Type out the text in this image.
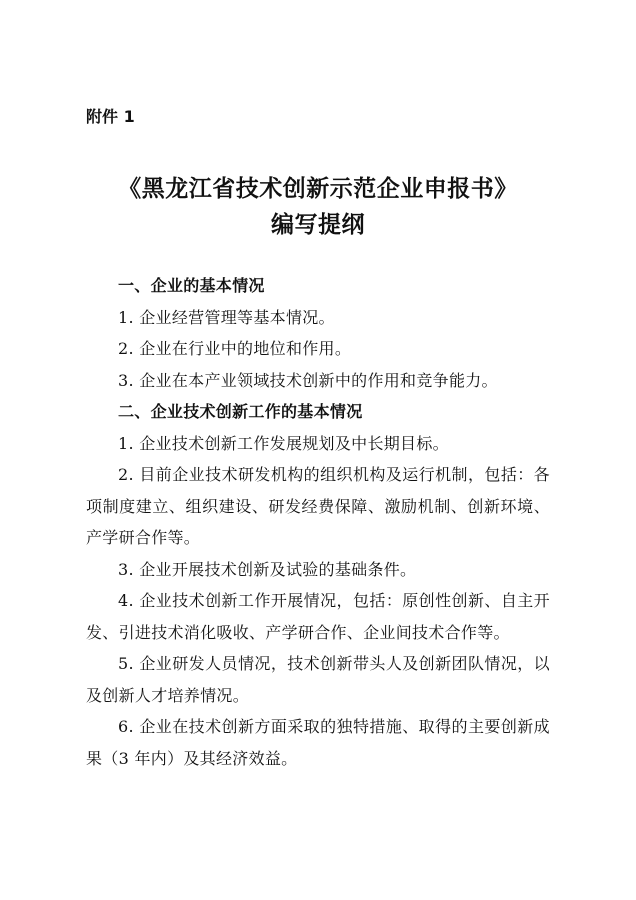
附件 1
《黑龙江省技术创新示范企业申报书》
编写提纲

一、企业的基本情况

1. 企业经营管理等基本情况。

2. 企业在行业中的地位和作用。

3. 企业在本产业领域技术创新中的作用和竞争能力。

二、企业技术创新工作的基本情况

1. 企业技术创新工作发展规划及中长期目标。

2. 目前企业技术研发机构的组织机构及运行机制，包括：各项制度建立、组织建设、研发经费保障、激励机制、创新环境、产学研合作等。

3. 企业开展技术创新及试验的基础条件。

4. 企业技术创新工作开展情况，包括：原创性创新、自主开发、引进技术消化吸收、产学研合作、企业间技术合作等。

5. 企业研发人员情况，技术创新带头人及创新团队情况，以及创新人才培养情况。

6. 企业在技术创新方面采取的独特措施、取得的主要创新成果（3 年内）及其经济效益。
